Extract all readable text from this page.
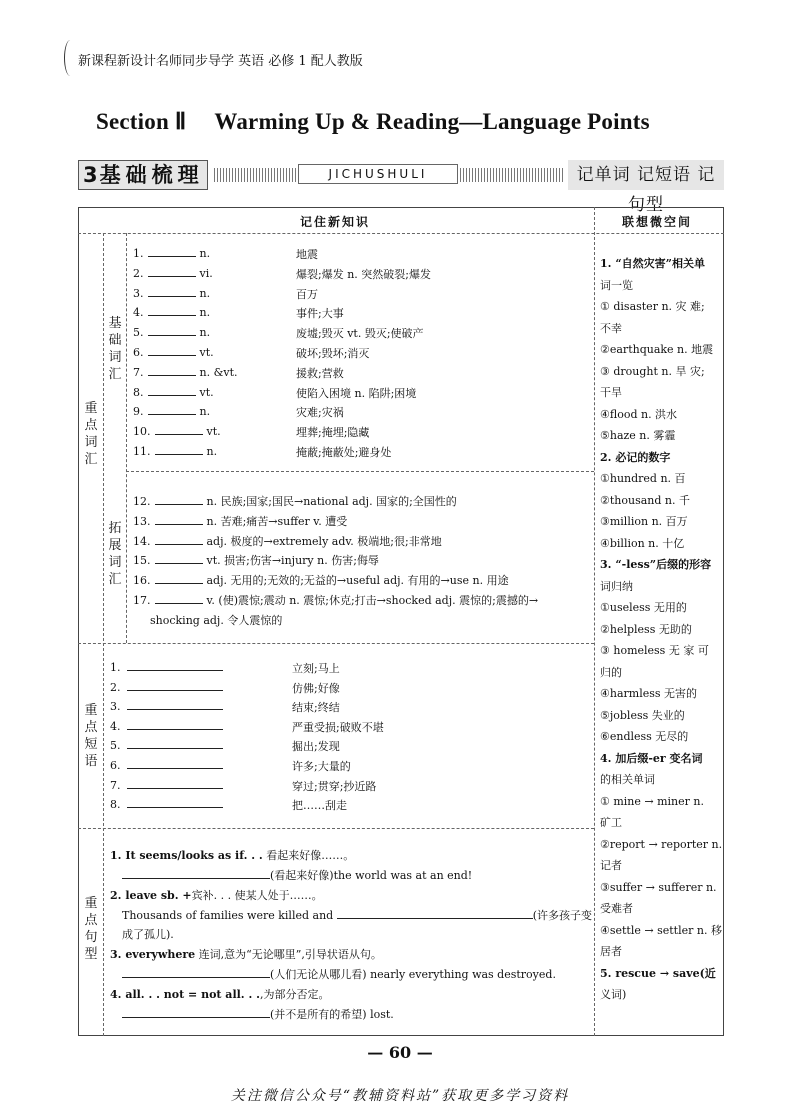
新课程新设计名师同步导学 英语 必修 1 配人教版
Section Ⅱ Warming Up & Reading—Language Points
3基础梳理	JICHUSHULI	记单词 记短语 记句型
记住新知识	联想微空间
重点词汇
基础词汇
拓展词汇
重点短语
重点句型
1.	n.	地震
2.	vi.	爆裂;爆发 n. 突然破裂;爆发
3.	n.	百万
4.	n.	事件;大事
5.	n.	废墟;毁灭 vt. 毁灭;使破产
6.	vt.	破坏;毁坏;消灭
7.	n. &vt.	援救;营救
8.	vt.	使陷入困境 n. 陷阱;困境
9.	n.	灾难;灾祸
10.	vt.	埋葬;掩埋;隐藏
11.	n.	掩蔽;掩蔽处;避身处
12.	n. 民族;国家;国民→national adj. 国家的;全国性的
13.	n. 苦难;痛苦→suffer v. 遭受
14.	adj. 极度的→extremely adv. 极端地;很;非常地
15.	vt. 损害;伤害→injury n. 伤害;侮辱
16.	adj. 无用的;无效的;无益的→useful adj. 有用的→use n. 用途
17.	v. (使)震惊;震动 n. 震惊;休克;打击→shocked adj. 震惊的;震撼的→
shocking adj. 令人震惊的
1.	立刻;马上
2.	仿佛;好像
3.	结束;终结
4.	严重受损;破败不堪
5.	掘出;发现
6.	许多;大量的
7.	穿过;贯穿;抄近路
8.	把……刮走
1. It seems/looks as if. . . 看起来好像……。
(看起来好像)the world was at an end!
2. leave sb. +宾补. . . 使某人处于……。
Thousands of families were killed and	(许多孩子变
成了孤儿).
3. everywhere 连词,意为“无论哪里”,引导状语从句。
(人们无论从哪儿看) nearly everything was destroyed.
4. all. . . not = not all. . .,为部分否定。
(并不是所有的希望) lost.
1. “自然灾害”相关单
词一览
① disaster n. 灾 难;
不幸
②earthquake n. 地震
③ drought n. 旱 灾;
干旱
④flood n. 洪水
⑤haze n. 雾霾
2. 必记的数字
①hundred n. 百
②thousand n. 千
③million n. 百万
④billion n. 十亿
3. “-less”后缀的形容
词归纳
①useless 无用的
②helpless 无助的
③ homeless 无 家 可
归的
④harmless 无害的
⑤jobless 失业的
⑥endless 无尽的
4. 加后缀-er 变名词
的相关单词
① mine → miner n.
矿工
②report → reporter n.
记者
③suffer → sufferer n.
受难者
④settle → settler n. 移
居者
5. rescue → save(近
义词)
— 60 —
关注微信公众号“教辅资料站”获取更多学习资料
